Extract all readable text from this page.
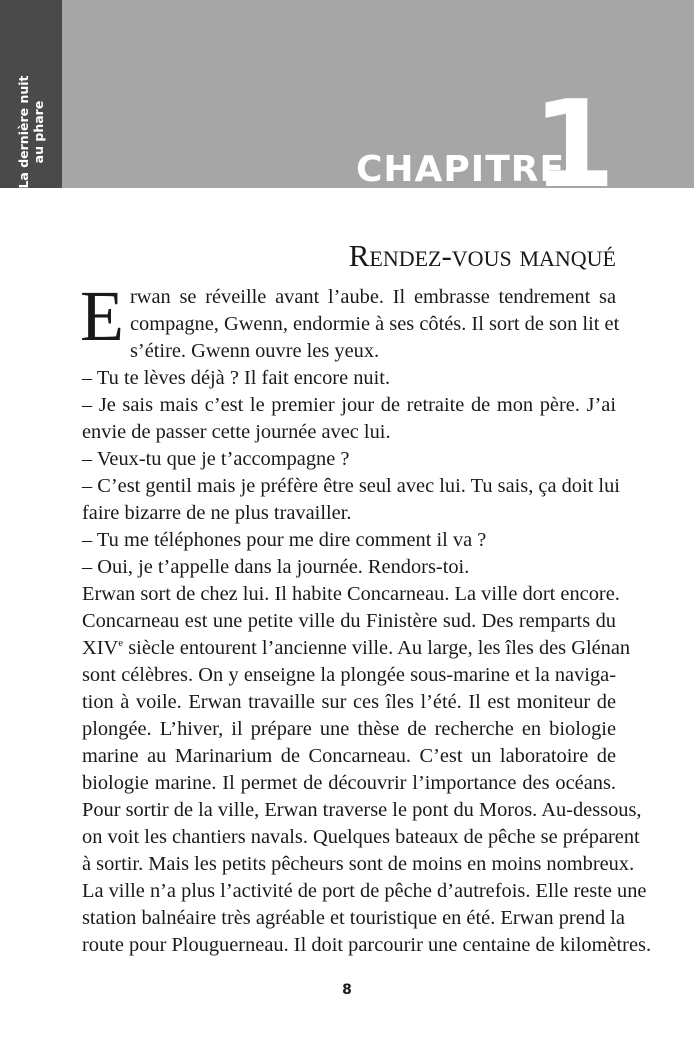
La dernière nuit au phare
CHAPITRE
1
Rendez-vous manqué
E rwan se réveille avant l’aube. Il embrasse tendrement sa
compagne, Gwenn, endormie à ses côtés. Il sort de son lit et
s’étire. Gwenn ouvre les yeux.
– Tu te lèves déjà ? Il fait encore nuit.
– Je sais mais c’est le premier jour de retraite de mon père. J’ai
envie de passer cette journée avec lui.
– Veux-tu que je t’accompagne ?
– C’est gentil mais je préfère être seul avec lui. Tu sais, ça doit lui
faire bizarre de ne plus travailler.
– Tu me téléphones pour me dire comment il va ?
– Oui, je t’appelle dans la journée. Rendors-toi.
Erwan sort de chez lui. Il habite Concarneau. La ville dort encore.
Concarneau est une petite ville du Finistère sud. Des remparts du
XIVe siècle entourent l’ancienne ville. Au large, les îles des Glénan
sont célèbres. On y enseigne la plongée sous-marine et la naviga-
tion à voile. Erwan travaille sur ces îles l’été. Il est moniteur de
plongée. L’hiver, il prépare une thèse de recherche en biologie
marine au Marinarium de Concarneau. C’est un laboratoire de
biologie marine. Il permet de découvrir l’importance des océans.
Pour sortir de la ville, Erwan traverse le pont du Moros. Au-dessous,
on voit les chantiers navals. Quelques bateaux de pêche se préparent
à sortir. Mais les petits pêcheurs sont de moins en moins nombreux.
La ville n’a plus l’activité de port de pêche d’autrefois. Elle reste une
station balnéaire très agréable et touristique en été. Erwan prend la
route pour Plouguerneau. Il doit parcourir une centaine de kilomètres.
8
